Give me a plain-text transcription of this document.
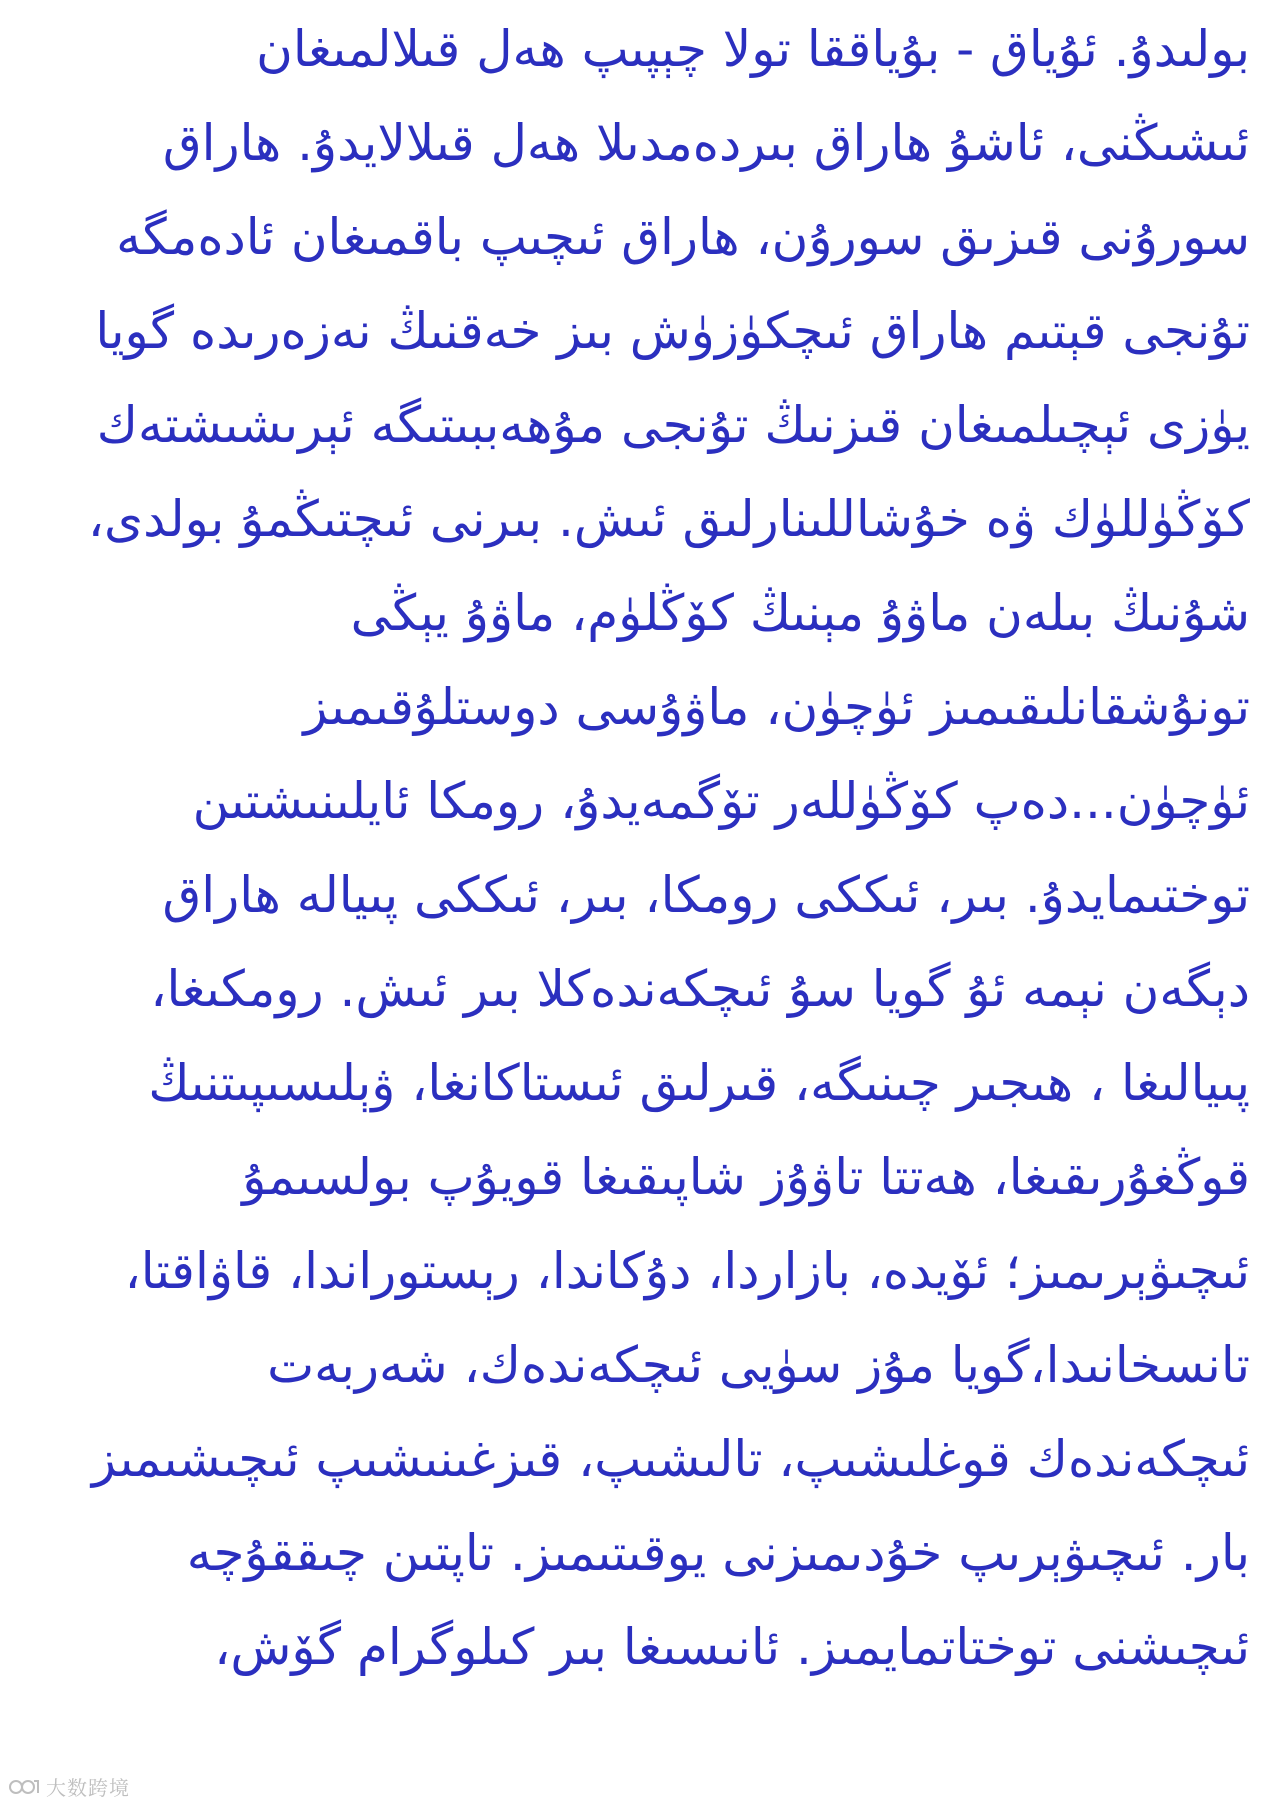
بولىدۇ. ئۇياق - بۇياققا تولا چېپىپ ھەل قىلالمىغان
ئىشىڭنى، ئاشۇ ھاراق بىردەمدىلا ھەل قىلالايدۇ. ھاراق
سورۇنى قىزىق سورۇن، ھاراق ئىچىپ باقمىغان ئادەمگە
تۇنجى قېتىم ھاراق ئىچكۈزۈش بىز خەقنىڭ نەزەرىدە گويا
يۈزى ئېچىلمىغان قىزنىڭ تۇنجى مۇھەببىتىگە ئېرىشىشتەك
كۆڭۈللۈك ۋە خۇشاللىنارلىق ئىش. بىرنى ئىچتىڭمۇ بولدى،
شۇنىڭ بىلەن ماۋۇ مېنىڭ كۆڭلۈم، ماۋۇ يېڭى
تونۇشقانلىقىمىز ئۈچۈن، ماۋۇسى دوستلۇقىمىز
ئۈچۈن...دەپ كۆڭۈللەر تۆگمەيدۇ، رومكا ئايلىنىشتىن
توختىمايدۇ. بىر، ئىككى رومكا، بىر، ئىككى پىيالە ھاراق
دېگەن نېمە ئۇ گويا سۇ ئىچكەندەكلا بىر ئىش. رومكىغا،
پىيالىغا ، ھىجىر چىنىگە، قىرلىق ئىستاكانغا، ۋېلىسىپىتنىڭ
قوڭغۇرىقىغا، ھەتتا تاۋۇز شاپىقىغا قويۇپ بولسىمۇ
ئىچىۋېرىمىز؛ ئۆيدە، بازاردا، دۇكاندا، رېستوراندا، قاۋاقتا،
تانسخانىدا،گويا مۇز سۈيى ئىچكەندەك، شەربەت
ئىچكەندەك قوغلىشىپ، تالىشىپ، قىزغىنىشىپ ئىچىشىمىز
بار. ئىچىۋېرىپ خۇدىمىزنى يوقىتىمىز. تاپتىن چىققۇچە
ئىچىشنى توختاتمايمىز. ئانىسىغا بىر كىلوگرام گۆش،
大数跨境
